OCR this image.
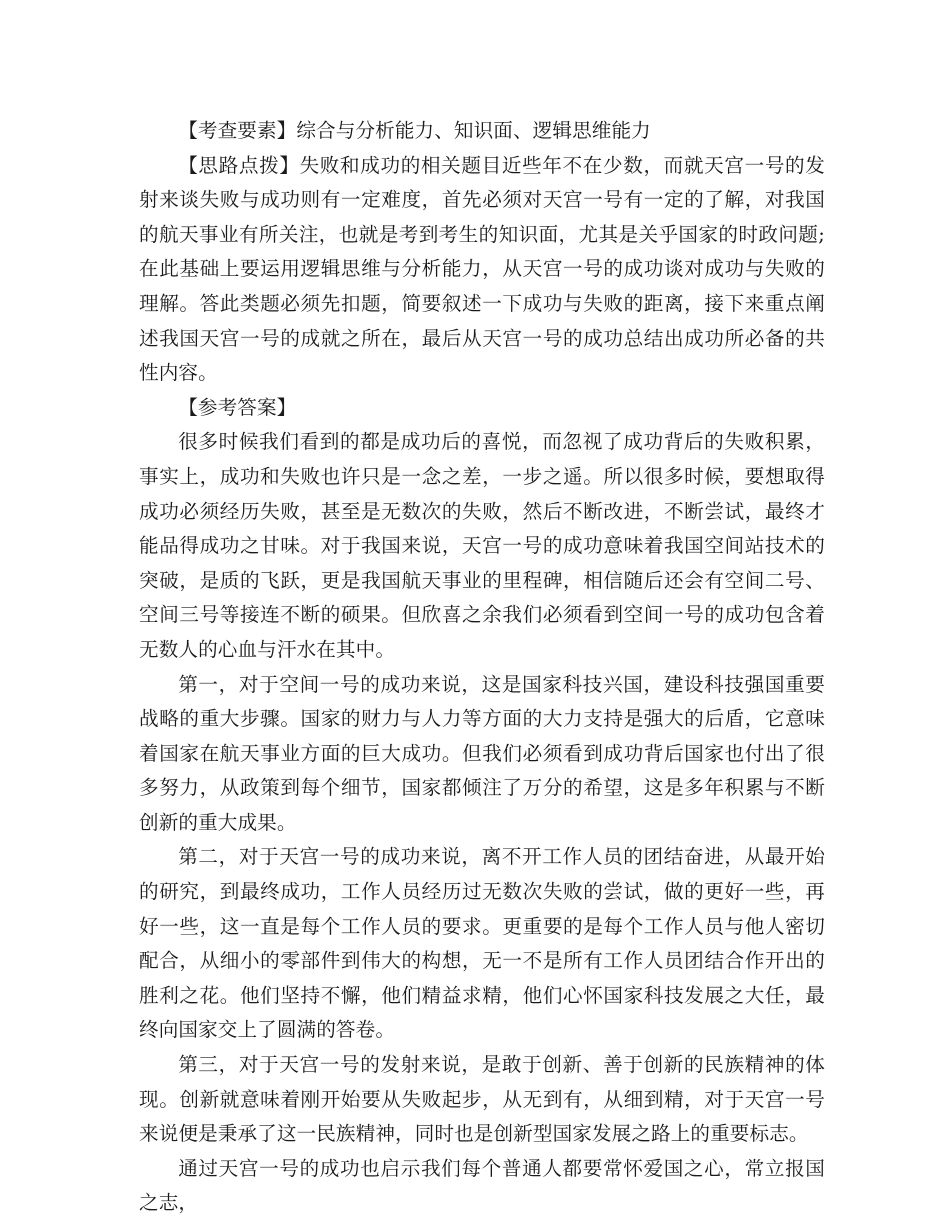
【考查要素】综合与分析能力、知识面、逻辑思维能力

【思路点拨】失败和成功的相关题目近些年不在少数，而就天宫一号的发射来谈失败与成功则有一定难度，首先必须对天宫一号有一定的了解，对我国的航天事业有所关注，也就是考到考生的知识面，尤其是关乎国家的时政问题;在此基础上要运用逻辑思维与分析能力，从天宫一号的成功谈对成功与失败的理解。答此类题必须先扣题，简要叙述一下成功与失败的距离，接下来重点阐述我国天宫一号的成就之所在，最后从天宫一号的成功总结出成功所必备的共性内容。

【参考答案】

很多时候我们看到的都是成功后的喜悦，而忽视了成功背后的失败积累，事实上，成功和失败也许只是一念之差，一步之遥。所以很多时候，要想取得成功必须经历失败，甚至是无数次的失败，然后不断改进，不断尝试，最终才能品得成功之甘味。对于我国来说，天宫一号的成功意味着我国空间站技术的突破，是质的飞跃，更是我国航天事业的里程碑，相信随后还会有空间二号、空间三号等接连不断的硕果。但欣喜之余我们必须看到空间一号的成功包含着无数人的心血与汗水在其中。

第一，对于空间一号的成功来说，这是国家科技兴国，建设科技强国重要战略的重大步骤。国家的财力与人力等方面的大力支持是强大的后盾，它意味着国家在航天事业方面的巨大成功。但我们必须看到成功背后国家也付出了很多努力，从政策到每个细节，国家都倾注了万分的希望，这是多年积累与不断创新的重大成果。

第二，对于天宫一号的成功来说，离不开工作人员的团结奋进，从最开始的研究，到最终成功，工作人员经历过无数次失败的尝试，做的更好一些，再好一些，这一直是每个工作人员的要求。更重要的是每个工作人员与他人密切配合，从细小的零部件到伟大的构想，无一不是所有工作人员团结合作开出的胜利之花。他们坚持不懈，他们精益求精，他们心怀国家科技发展之大任，最终向国家交上了圆满的答卷。

第三，对于天宫一号的发射来说，是敢于创新、善于创新的民族精神的体现。创新就意味着刚开始要从失败起步，从无到有，从细到精，对于天宫一号来说便是秉承了这一民族精神，同时也是创新型国家发展之路上的重要标志。

通过天宫一号的成功也启示我们每个普通人都要常怀爱国之心，常立报国之志，
